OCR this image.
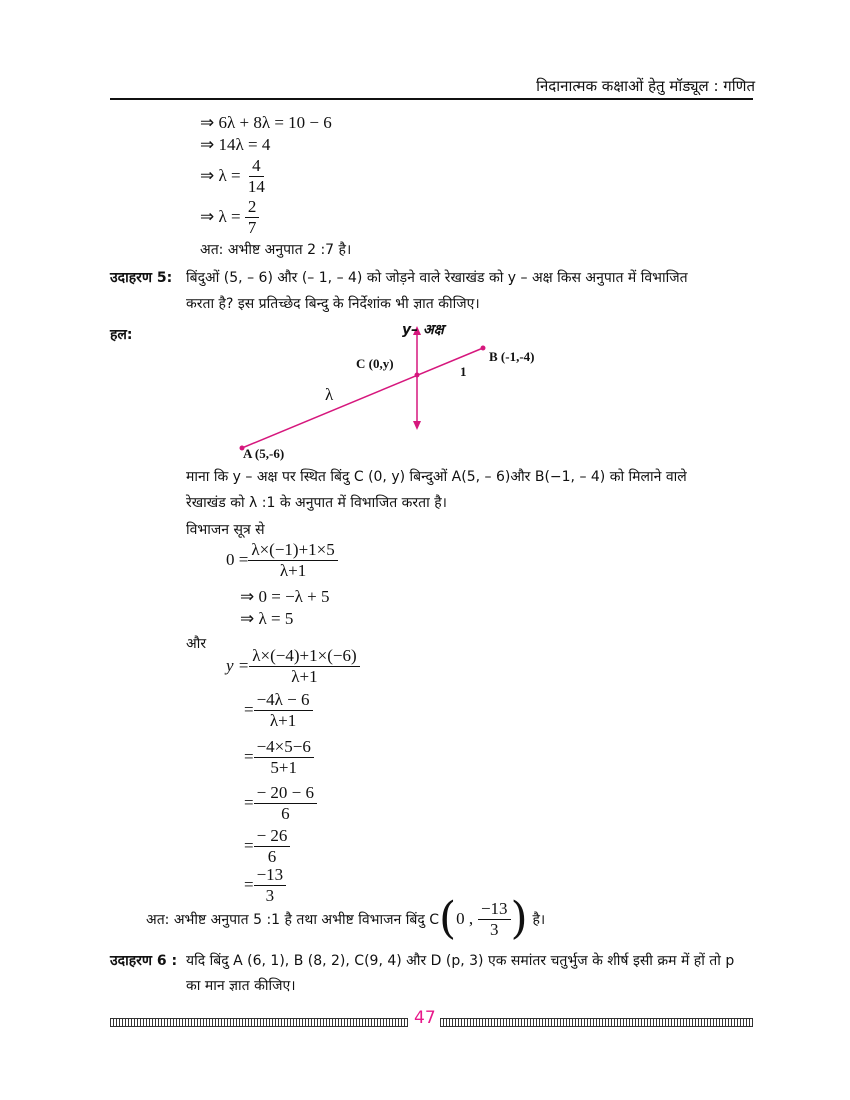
निदानात्मक कक्षाओं हेतु मॉड्यूल : गणित
⇒ 6λ + 8λ = 10 − 6
⇒ 14λ = 4
⇒ λ =
$\frac{4}{14}$
⇒ λ =
$\frac{2}{7}$
अत: अभीष्ट अनुपात 2 :7 है।
उदाहरण 5: बिंदुओं (5, – 6) और (– 1, – 4) को जोड़ने वाले रेखाखंड को y – अक्ष किस अनुपात में विभाजित
करता है? इस प्रतिच्छेद बिन्दु के निर्देशांक भी ज्ञात कीजिए।
हल:	y– अक्ष
C (0,y)	B (-1,-4)
1
λ
A (5,-6)
माना कि y – अक्ष पर स्थित बिंदु C (0, y) बिन्दुओं A(5, – 6)और B(−1, – 4) को मिलाने वाले
रेखाखंड को λ :1 के अनुपात में विभाजित करता है।
विभाजन सूत्र से
$0 = \frac{\lambda\times(-1)+1\times 5}{\lambda+1}$
⇒ 0 = −λ + 5
⇒ λ = 5
और
$y = \frac{\lambda\times(-4)+1\times(-6)}{\lambda+1}$
= $\frac{-4\lambda - 6}{\lambda+1}$
= $\frac{-4\times 5-6}{5+1}$
= $\frac{- 20 - 6}{6}$
= $\frac{- 26}{6}$
= $\frac{-13}{3}$
अत: अभीष्ट अनुपात 5 :1 है तथा अभीष्ट विभाजन बिंदु C ( 0 ,
$\frac{-13}{3}$ )
है।
उदाहरण 6 : यदि बिंदु A (6, 1), B (8, 2), C(9, 4) और D (p, 3) एक समांतर चतुर्भुज के शीर्ष इसी क्रम में हों तो p
का मान ज्ञात कीजिए।
47
